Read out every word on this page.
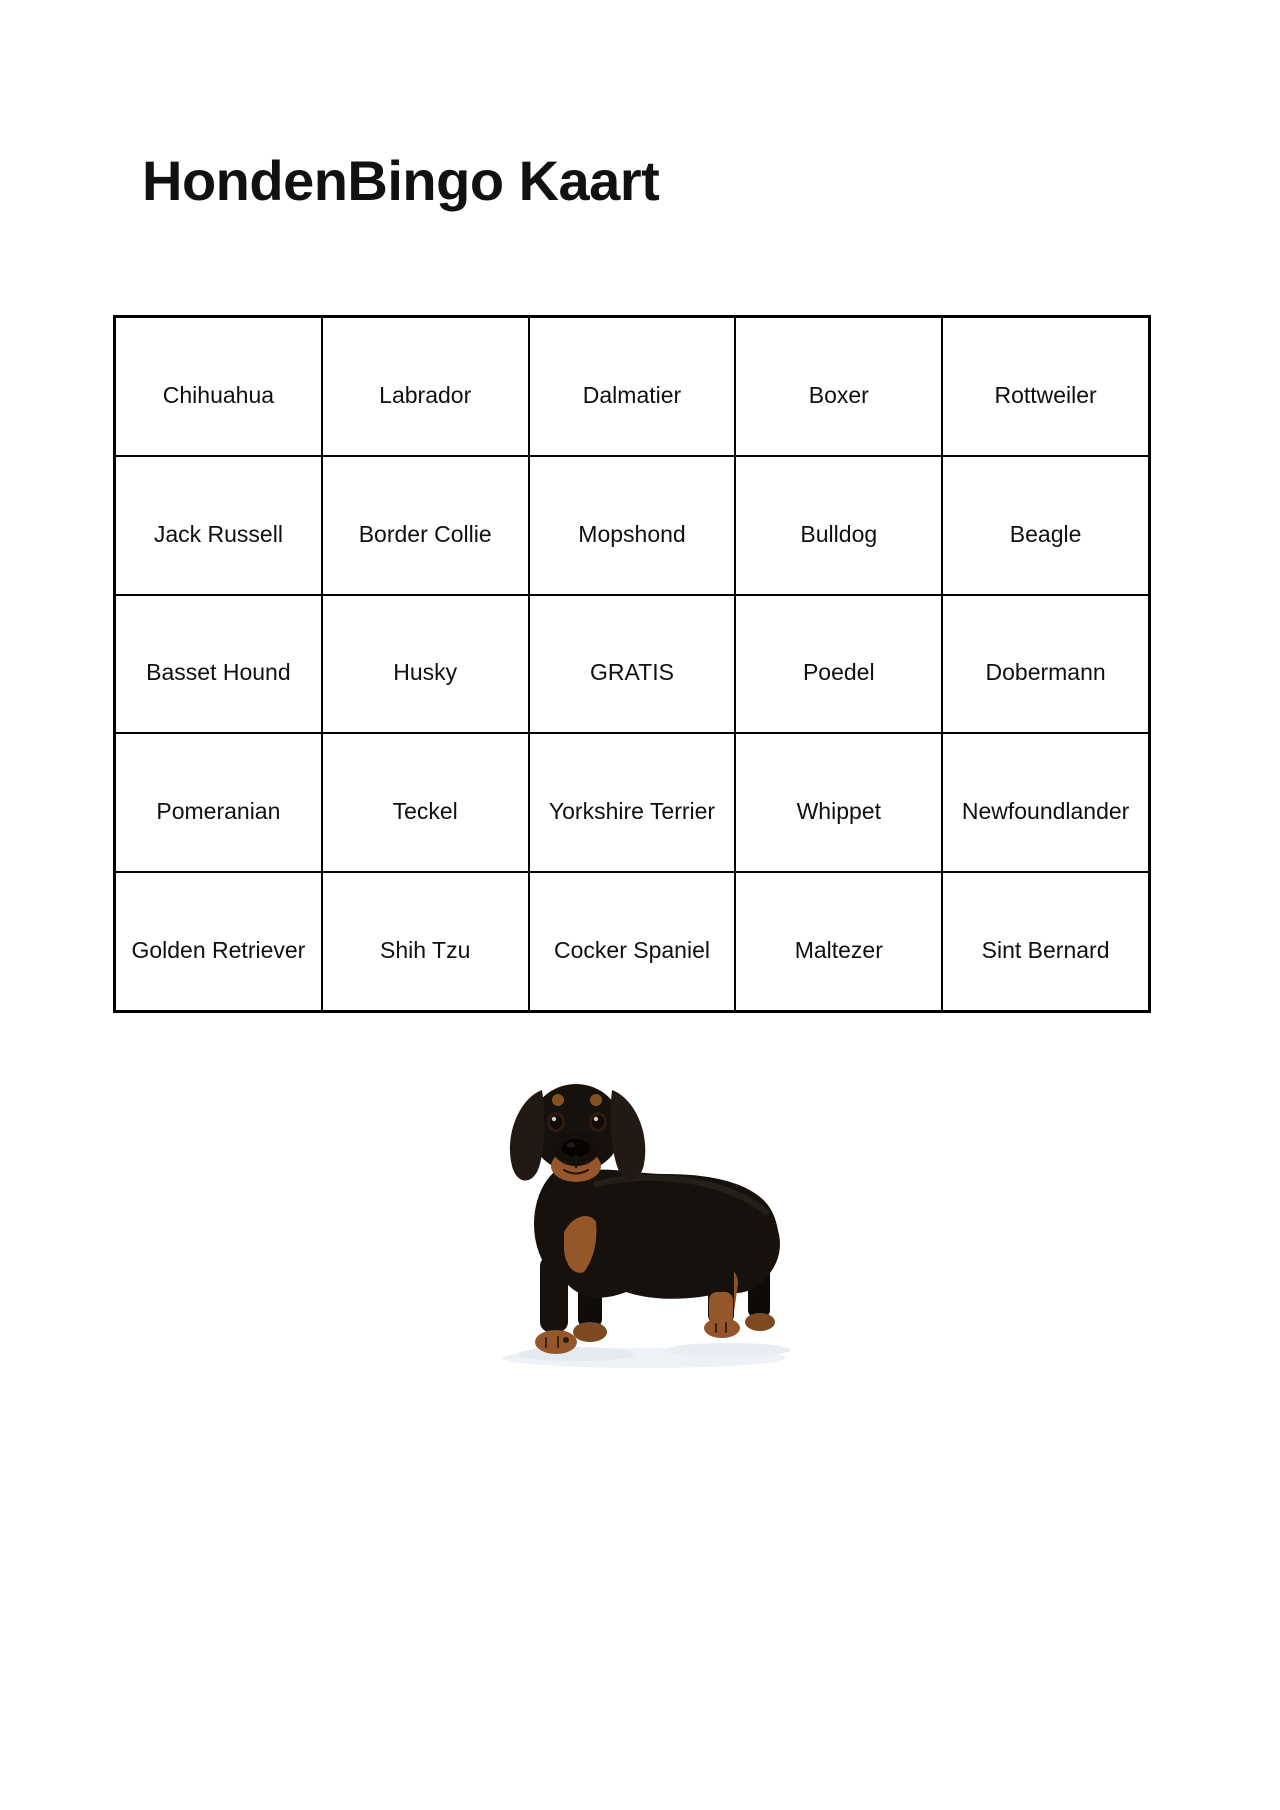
HondenBingo Kaart
Chihuahua	Labrador	Dalmatier	Boxer	Rottweiler
Jack Russell	Border Collie	Mopshond	Bulldog	Beagle
Basset Hound	Husky	GRATIS	Poedel	Dobermann
Pomeranian	Teckel	Yorkshire Terrier	Whippet	Newfoundlander
Golden Retriever	Shih Tzu	Cocker Spaniel	Maltezer	Sint Bernard
